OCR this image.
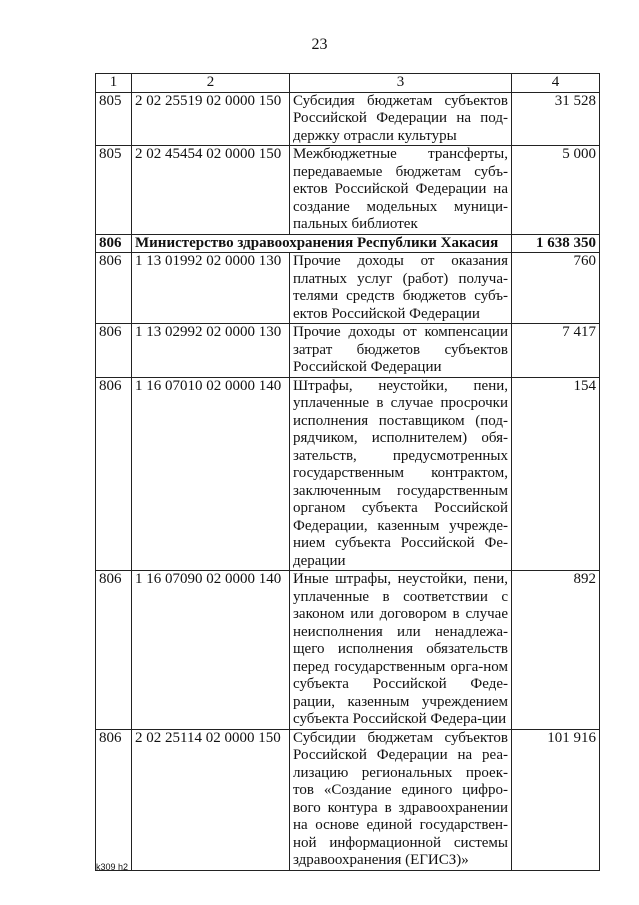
23
1	2	3	4
805	2 02 25519 02 0000 150	Субсидия бюджетам субъектов Российской Федерации на под-держку отрасли культуры	31 528
805	2 02 45454 02 0000 150	Межбюджетные трансферты, передаваемые бюджетам субъ-ектов Российской Федерации на создание модельных муници-пальных библиотек	5 000
806	Министерство здравоохранения Республики Хакасия		1 638 350
806	1 13 01992 02 0000 130	Прочие доходы от оказания платных услуг (работ) получа-телями средств бюджетов субъ-ектов Российской Федерации	760
806	1 13 02992 02 0000 130	Прочие доходы от компенсации затрат бюджетов субъектов Российской Федерации	7 417
806	1 16 07010 02 0000 140	Штрафы, неустойки, пени, уплаченные в случае просрочки исполнения поставщиком (под-рядчиком, исполнителем) обя-зательств, предусмотренных государственным контрактом, заключенным государственным органом субъекта Российской Федерации, казенным учрежде-нием субъекта Российской Фе-дерации	154
806	1 16 07090 02 0000 140	Иные штрафы, неустойки, пени, уплаченные в соответствии с законом или договором в случае неисполнения или ненадлежа-щего исполнения обязательств перед государственным орга-ном субъекта Российской Феде-рации, казенным учреждением субъекта Российской Федера-ции	892
806	2 02 25114 02 0000 150	Субсидии бюджетам субъектов Российской Федерации на реа-лизацию региональных проек-тов «Создание единого цифро-вого контура в здравоохранении на основе единой государствен-ной информационной системы здравоохранения (ЕГИСЗ)»	101 916
k309 h2
